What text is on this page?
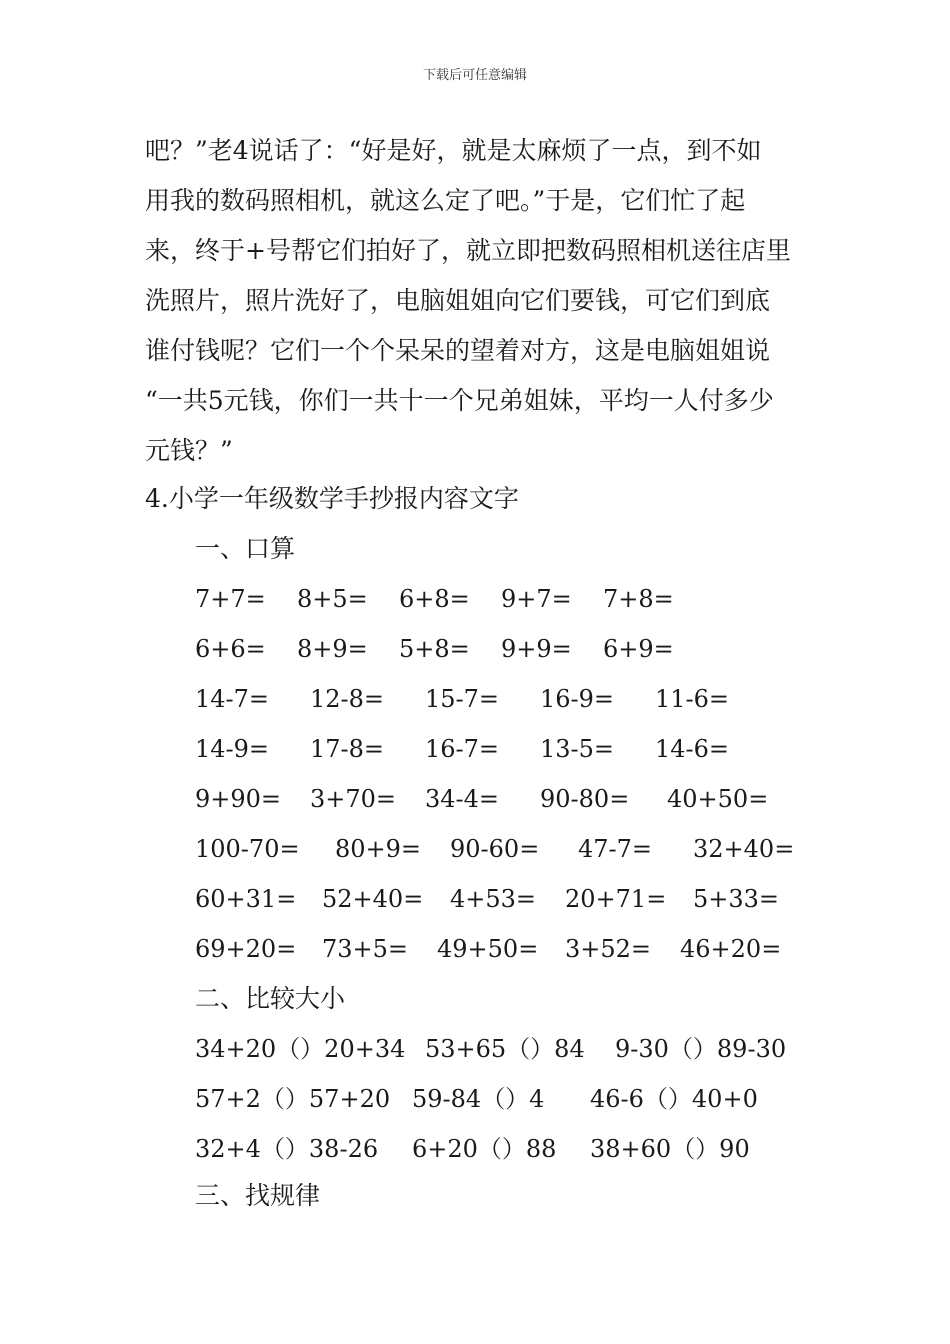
下载后可任意编辑
吧？”老4说话了：“好是好，就是太麻烦了一点，到不如
用我的数码照相机，就这么定了吧。”于是，它们忙了起
来，终于+号帮它们拍好了，就立即把数码照相机送往店里
洗照片，照片洗好了，电脑姐姐向它们要钱，可它们到底
谁付钱呢？它们一个个呆呆的望着对方，这是电脑姐姐说
“一共5元钱，你们一共十一个兄弟姐妹，平均一人付多少
元钱？”
4.小学一年级数学手抄报内容文字
一、口算
7+7= 8+5= 6+8= 9+7= 7+8=
6+6= 8+9= 5+8= 9+9= 6+9=
14-7= 12-8= 15-7= 16-9= 11-6=
14-9= 17-8= 16-7= 13-5= 14-6=
9+90= 3+70= 34-4= 90-80= 40+50=
100-70= 80+9= 90-60= 47-7= 32+40=
60+31= 52+40= 4+53= 20+71= 5+33=
69+20= 73+5= 49+50= 3+52= 46+20=
二、比较大小
34+20（）20+34 53+65（）84 9-30（）89-30
57+2（）57+20 59-84（）4 46-6（）40+0
32+4（）38-26 6+20（）88 38+60（）90
三、找规律
